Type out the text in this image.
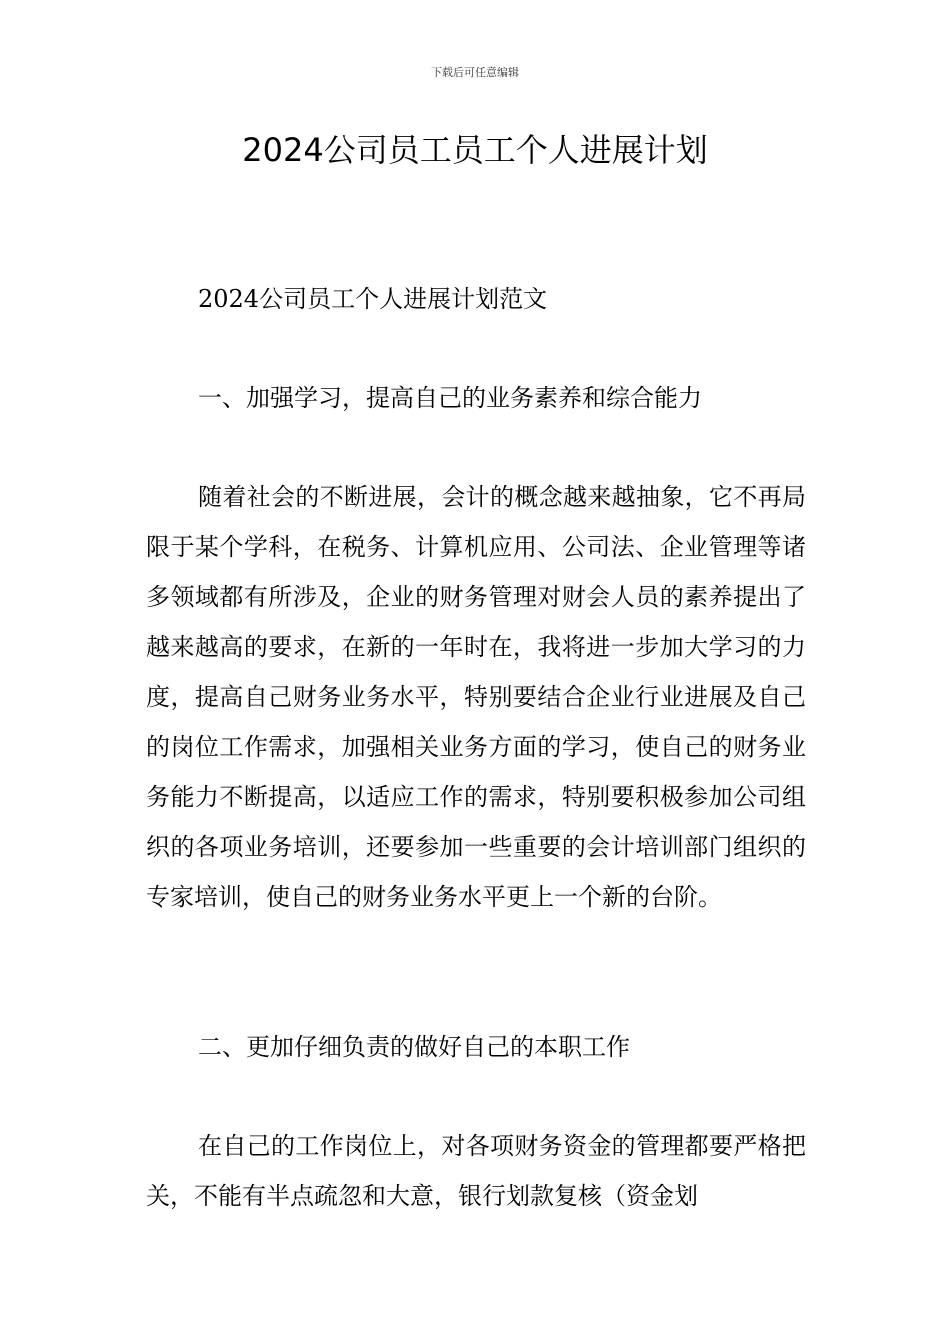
下载后可任意编辑
2024公司员工员工个人进展计划

2024公司员工个人进展计划范文

一、加强学习，提高自己的业务素养和综合能力

随着社会的不断进展，会计的概念越来越抽象，它不再局限于某个学科，在税务、计算机应用、公司法、企业管理等诸多领域都有所涉及，企业的财务管理对财会人员的素养提出了越来越高的要求，在新的一年时在，我将进一步加大学习的力度，提高自己财务业务水平，特别要结合企业行业进展及自己的岗位工作需求，加强相关业务方面的学习，使自己的财务业务能力不断提高，以适应工作的需求，特别要积极参加公司组织的各项业务培训，还要参加一些重要的会计培训部门组织的专家培训，使自己的财务业务水平更上一个新的台阶。

二、更加仔细负责的做好自己的本职工作

在自己的工作岗位上，对各项财务资金的管理都要严格把关，不能有半点疏忽和大意，银行划款复核（资金划
